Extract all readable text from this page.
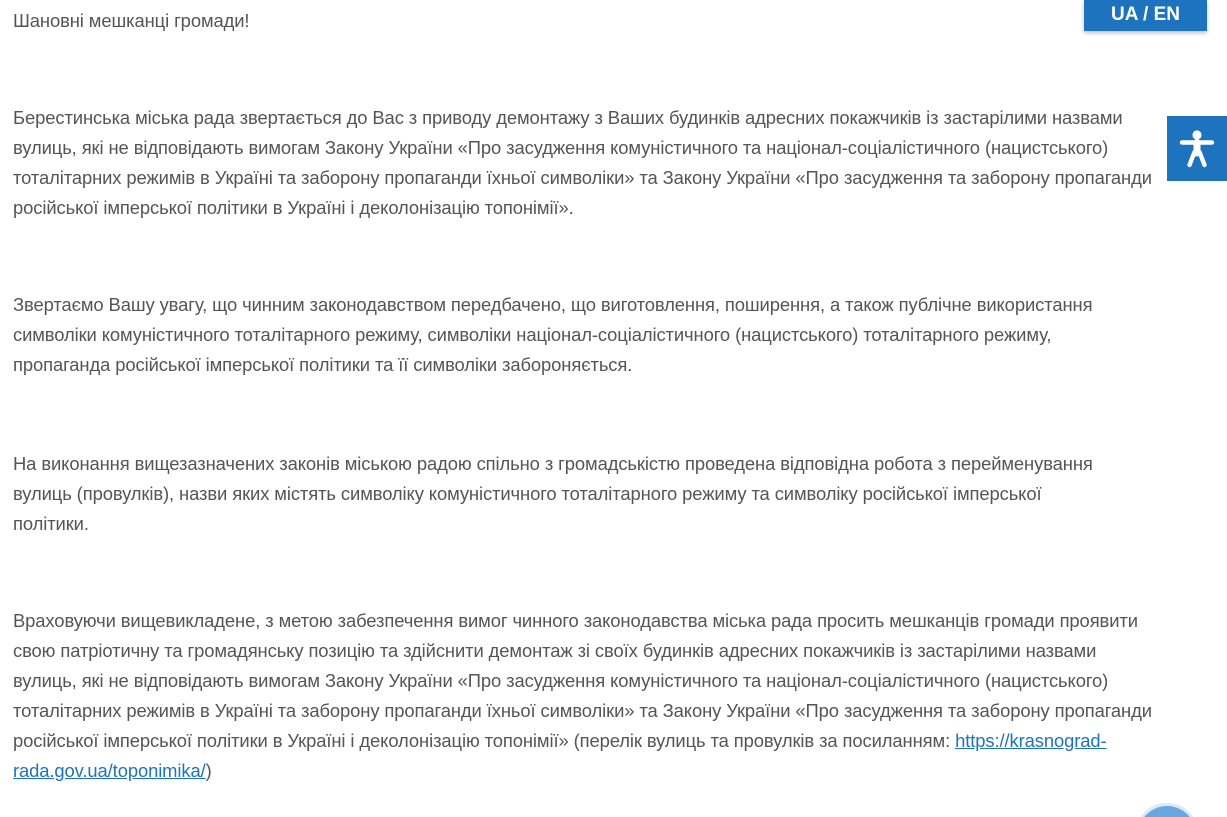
UA / EN

Шановні мешканці громади!

Берестинська міська рада звертається до Вас з приводу демонтажу з Ваших будинків адресних покажчиків із застарілими назвами вулиць, які не відповідають вимогам Закону України «Про засудження комуністичного та націонал-соціалістичного (нацистського) тоталітарних режимів в Україні та заборону пропаганди їхньої символіки» та Закону України «Про засудження та заборону пропаганди російської імперської політики в Україні і деколонізацію топонімії».

Звертаємо Вашу увагу, що чинним законодавством передбачено, що виготовлення, поширення, а також публічне використання символіки комуністичного тоталітарного режиму, символіки націонал-соціалістичного (нацистського) тоталітарного режиму, пропаганда російської імперської політики та її символіки забороняється.

На виконання вищезазначених законів міською радою спільно з громадськістю проведена відповідна робота з перейменування вулиць (провулків), назви яких містять символіку комуністичного тоталітарного режиму та символіку російської імперської політики.

Враховуючи вищевикладене, з метою забезпечення вимог чинного законодавства міська рада просить мешканців громади проявити свою патріотичну та громадянську позицію та здійснити демонтаж зі своїх будинків адресних покажчиків із застарілими назвами вулиць, які не відповідають вимогам Закону України «Про засудження комуністичного та націонал-соціалістичного (нацистського) тоталітарних режимів в Україні та заборону пропаганди їхньої символіки» та Закону України «Про засудження та заборону пропаганди російської імперської політики в Україні і деколонізацію топонімії» (перелік вулиць та провулків за посиланням: https://krasnograd-rada.gov.ua/toponimika/)
